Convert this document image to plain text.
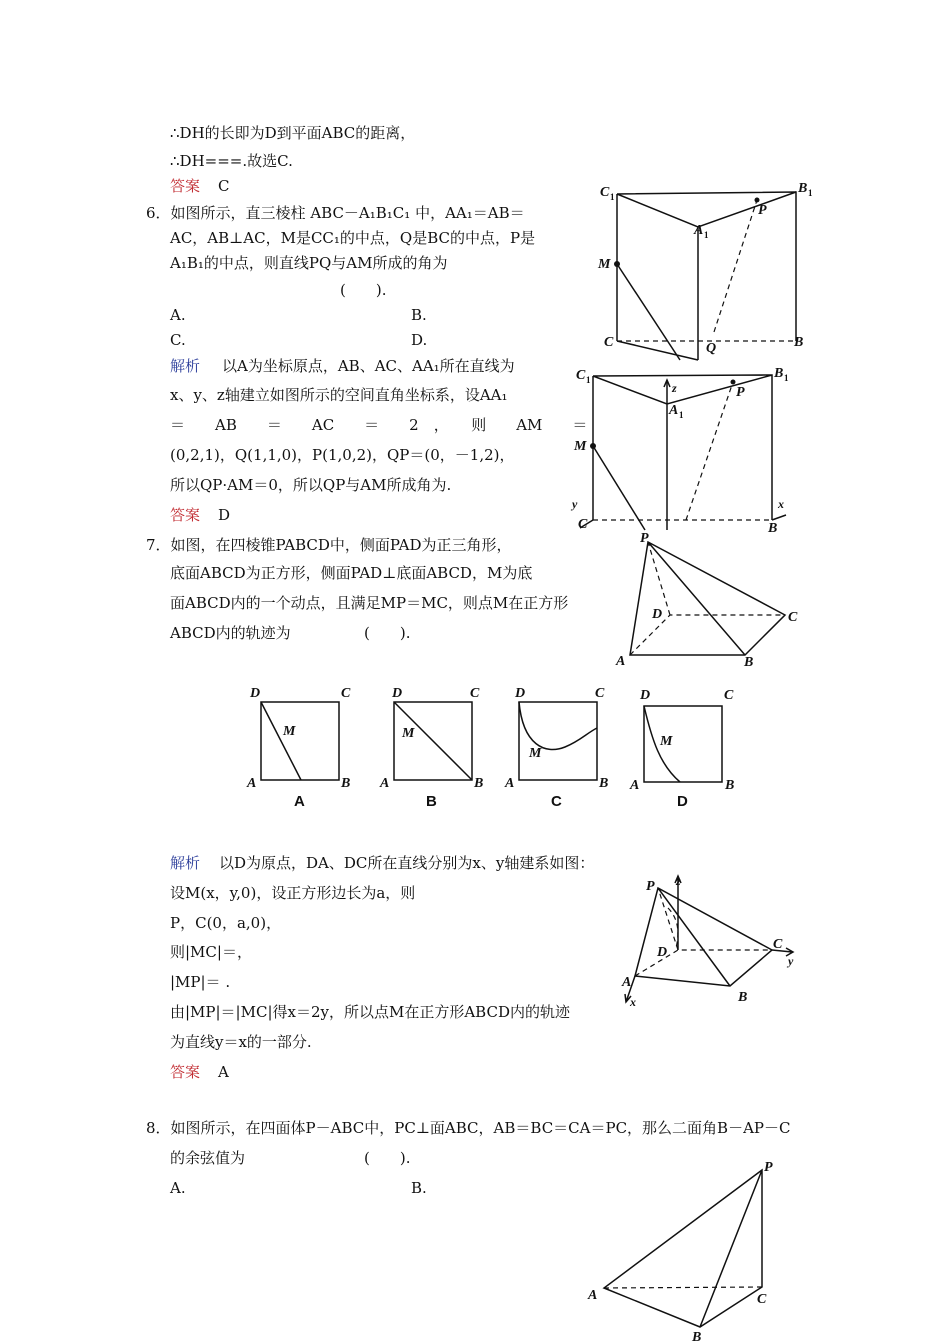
∴DH的长即为D到平面ABC的距离，
∴DH===.故选C.
答案 C
6．如图所示，直三棱柱 ABC－A₁B₁C₁ 中，AA₁＝AB＝
AC，AB⊥AC，M是CC₁的中点，Q是BC的中点，P是
A₁B₁的中点，则直线PQ与AM所成的角为
(　　).
A.	B.
C.	D.
解析 以A为坐标原点，AB、AC、AA₁所在直线为
x、y、z轴建立如图所示的空间直角坐标系，设AA₁
＝　　AB　　＝　　AC　　＝　　2　，　　则　　AM　　＝
(0,2,1)，Q(1,1,0)，P(1,0,2)，QP＝(0，－1,2)，
所以QP·AM＝0，所以QP与AM所成角为.
答案 D
C 1
B 1
A 1
P
M
C	Q	B
C 1	B 1
A 1
P
z
M
y	x
C	B
7．如图，在四棱锥PABCD中，侧面PAD为正三角形，
底面ABCD为正方形，侧面PAD⊥底面ABCD，M为底
面ABCD内的一个动点，且满足MP＝MC，则点M在正方形
ABCD内的轨迹为	(　　).
P
D	C
A	B
D	C
A	B
M
A
D	C
A	B
M
B
D	C
A	B
M
C
D	C
A	B
M
D
解析 以D为原点，DA、DC所在直线分别为x、y轴建系如图：
设M(x，y,0)，设正方形边长为a，则
P，C(0，a,0)，
则|MC|＝，
|MP|＝ .
由|MP|＝|MC|得x＝2y，所以点M在正方形ABCD内的轨迹
为直线y＝x的一部分.
答案 A
P z
D
C
y
A
x	B
8．如图所示，在四面体P－ABC中，PC⊥面ABC，AB＝BC＝CA＝PC，那么二面角B－AP－C
的余弦值为	(　　).
A.	B.
P
A	C
B
